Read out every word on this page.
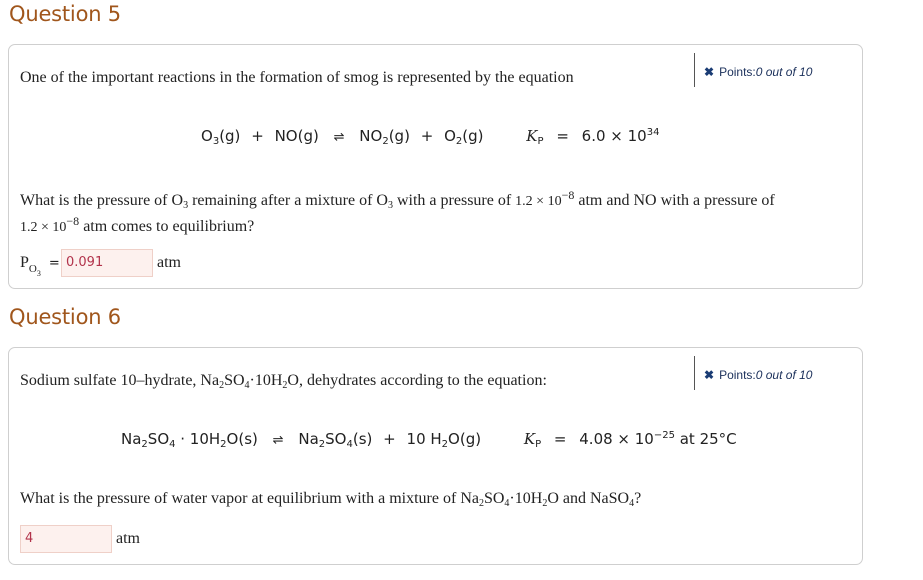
Question 5
✖ Points:0 out of 10
One of the important reactions in the formation of smog is represented by the equation
$O_3(g) + NO(g)$ ⇌ $NO_2(g) + O_2(g)$	$K_P = 6.0 \times 10^{34}$
What is the pressure of $O_3$ remaining after a mixture of $O_3$ with a pressure of $1.2 \times 10^{-8}$ atm and NO with a pressure of
$1.2 \times 10^{-8}$ atm comes to equilibrium?
$P_{O3} = 0.091$	atm
Question 6
✖ Points:0 out of 10
Sodium sulfate 10–hydrate, $Na_2SO_4\cdot 10H_2O$, dehydrates according to the equation:
$Na_2SO_4 \cdot 10H_2O(s)$ ⇌ $Na_2SO_4(s) + 10$ $H_2O(g)$	$K_P = 4.08 \times 10^{-25}$ at 25°C
What is the pressure of water vapor at equilibrium with a mixture of $Na_2SO_4\cdot 10H_2O$ and NaSO$_4$?
4	atm
